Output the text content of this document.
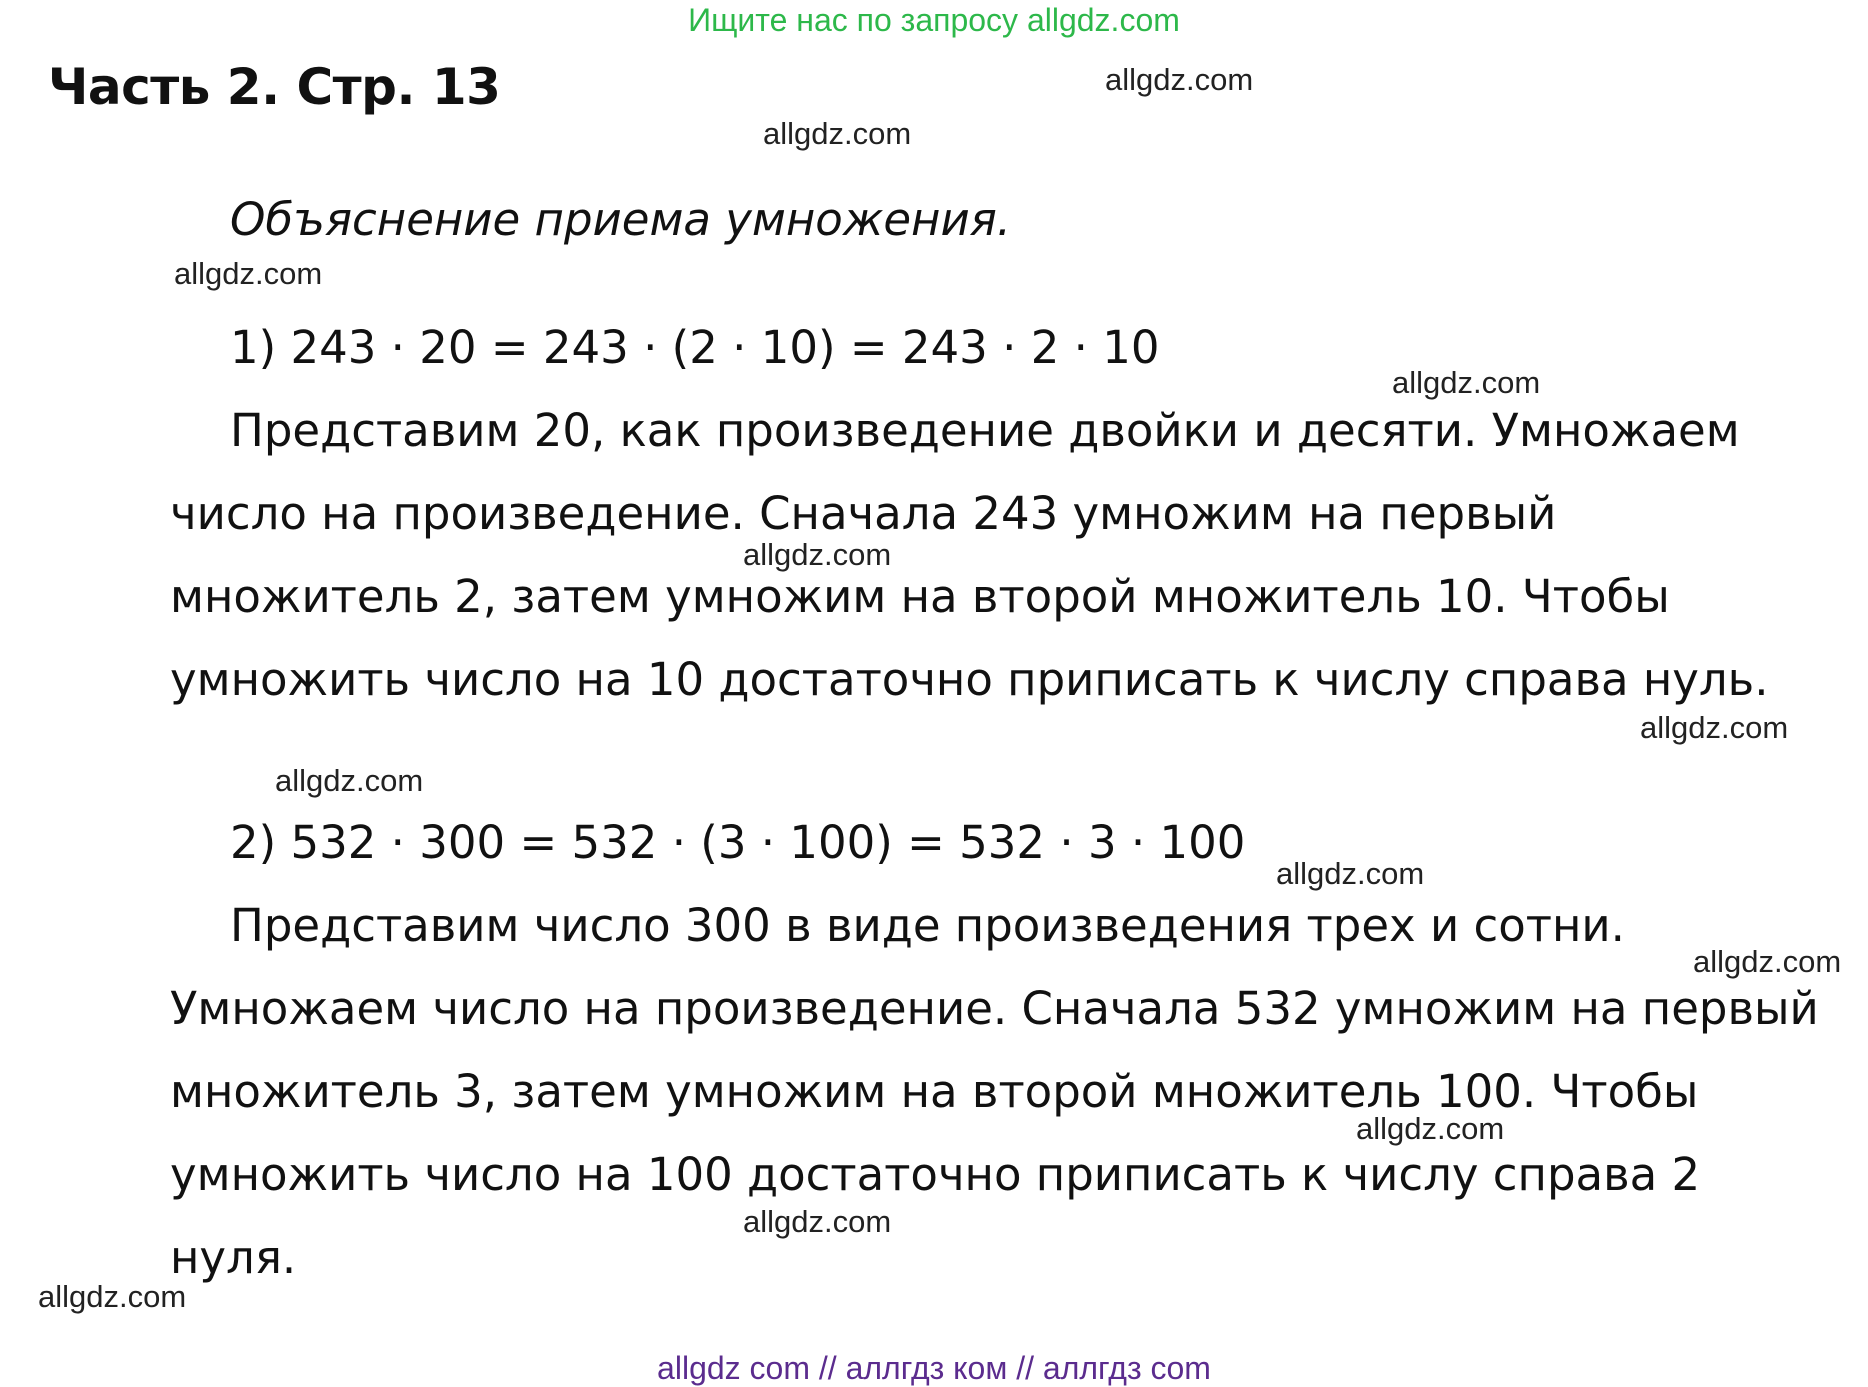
Ищите нас по запросу allgdz.com
Часть 2. Стр. 13

Объяснение приема умножения.

1) 243 · 20 = 243 · (2 · 10) = 243 · 2 · 10

Представим 20, как произведение двойки и десяти. Умножаем число на произведение. Сначала 243 умножим на первый множитель 2, затем умножим на второй множитель 10. Чтобы умножить число на 10 достаточно приписать к числу справа нуль.

2) 532 · 300 = 532 · (3 · 100) = 532 · 3 · 100

Представим число 300 в виде произведения трех и сотни. Умножаем число на произведение. Сначала 532 умножим на первый множитель 3, затем умножим на второй множитель 100. Чтобы умножить число на 100 достаточно приписать к числу справа 2 нуля.

allgdz.com
allgdz.com
allgdz.com
allgdz.com
allgdz.com
allgdz.com
allgdz.com
allgdz.com
allgdz.com
allgdz.com
allgdz.com
allgdz.com
allgdz com // аллгдз ком // аллгдз com
